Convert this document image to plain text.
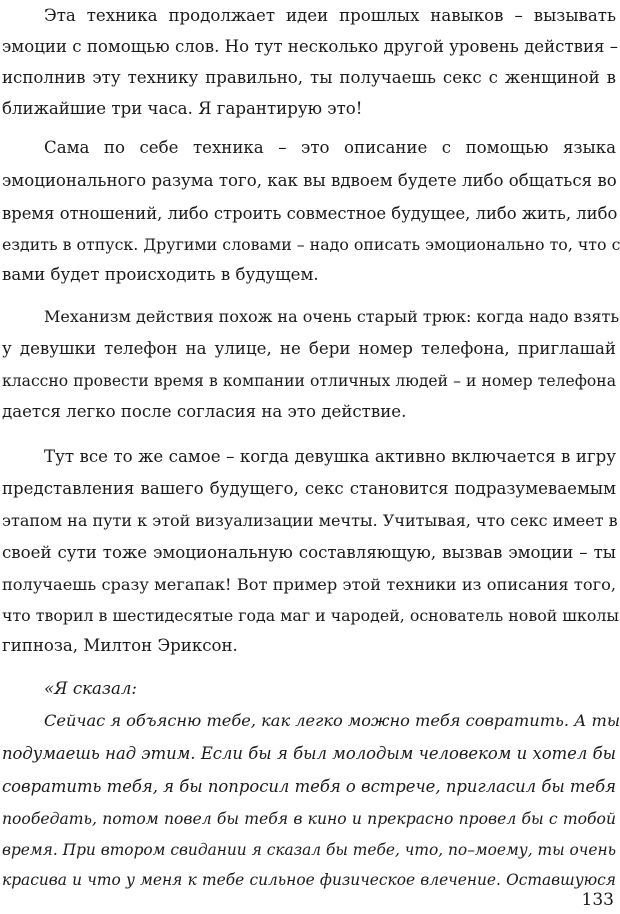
Эта техника продолжает идеи прошлых навыков – вызывать
эмоции с помощью слов. Но тут несколько другой уровень действия –
исполнив эту технику правильно, ты получаешь секс с женщиной в
ближайшие три часа. Я гарантирую это!
Сама по себе техника – это описание с помощью языка
эмоционального разума того, как вы вдвоем будете либо общаться во
время отношений, либо строить совместное будущее, либо жить, либо
ездить в отпуск. Другими словами – надо описать эмоционально то, что с
вами будет происходить в будущем.
Механизм действия похож на очень старый трюк: когда надо взять
у девушки телефон на улице, не бери номер телефона, приглашай
классно провести время в компании отличных людей – и номер телефона
дается легко после согласия на это действие.
Тут все то же самое – когда девушка активно включается в игру
представления вашего будущего, секс становится подразумеваемым
этапом на пути к этой визуализации мечты. Учитывая, что секс имеет в
своей сути тоже эмоциональную составляющую, вызвав эмоции – ты
получаешь сразу мегапак! Вот пример этой техники из описания того,
что творил в шестидесятые года маг и чародей, основатель новой школы
гипноза, Милтон Эриксон.
«Я сказал:
Сейчас я объясню тебе, как легко можно тебя совратить. А ты
подумаешь над этим. Если бы я был молодым человеком и хотел бы
совратить тебя, я бы попросил тебя о встрече, пригласил бы тебя
пообедать, потом повел бы тебя в кино и прекрасно провел бы с тобой
время. При втором свидании я сказал бы тебе, что, по–моему, ты очень
красива и что у меня к тебе сильное физическое влечение. Оставшуюся
133
